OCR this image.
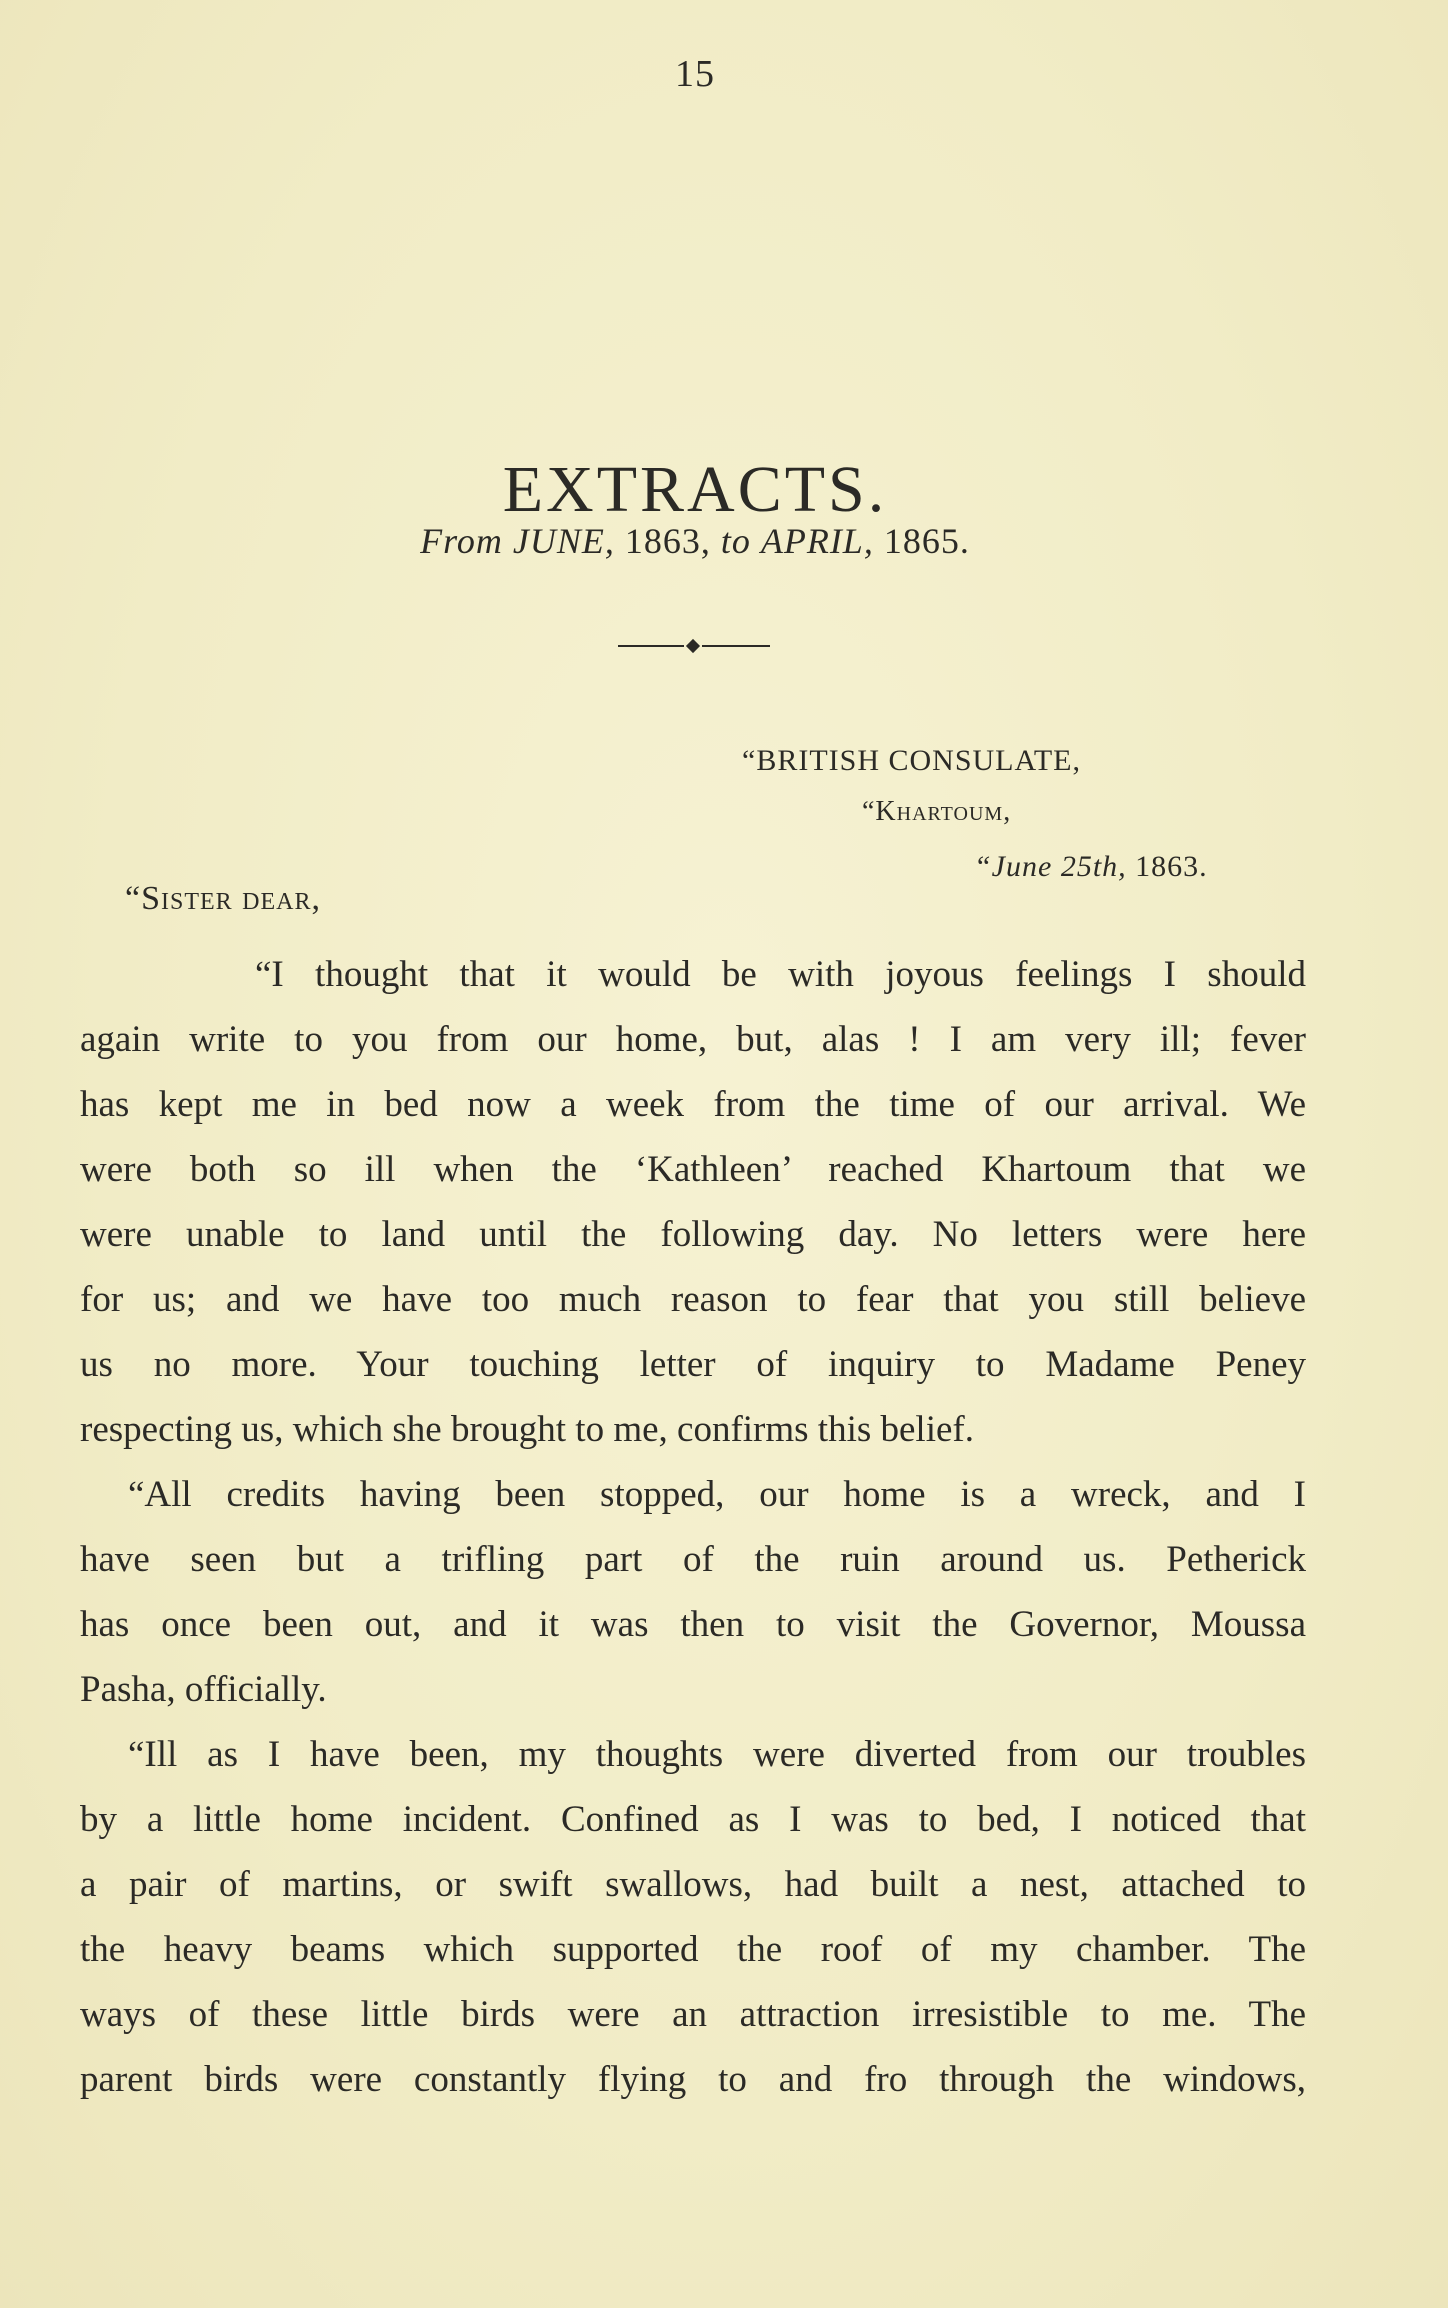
15
EXTRACTS.
From JUNE, 1863, to APRIL, 1865.
“BRITISH CONSULATE,
“Khartoum,
“June 25th, 1863.
“Sister dear,
“I thought that it would be with joyous feelings I should
again write to you from our home, but, alas ! I am very ill; fever
has kept me in bed now a week from the time of our arrival. We
were both so ill when the ‘Kathleen’ reached Khartoum that we
were unable to land until the following day. No letters were here
for us; and we have too much reason to fear that you still believe
us no more. Your touching letter of inquiry to Madame Peney
respecting us, which she brought to me, confirms this belief.
“All credits having been stopped, our home is a wreck, and I
have seen but a trifling part of the ruin around us. Petherick
has once been out, and it was then to visit the Governor, Moussa
Pasha, officially.
“Ill as I have been, my thoughts were diverted from our troubles
by a little home incident. Confined as I was to bed, I noticed that
a pair of martins, or swift swallows, had built a nest, attached to
the heavy beams which supported the roof of my chamber. The
ways of these little birds were an attraction irresistible to me. The
parent birds were constantly flying to and fro through the windows,
